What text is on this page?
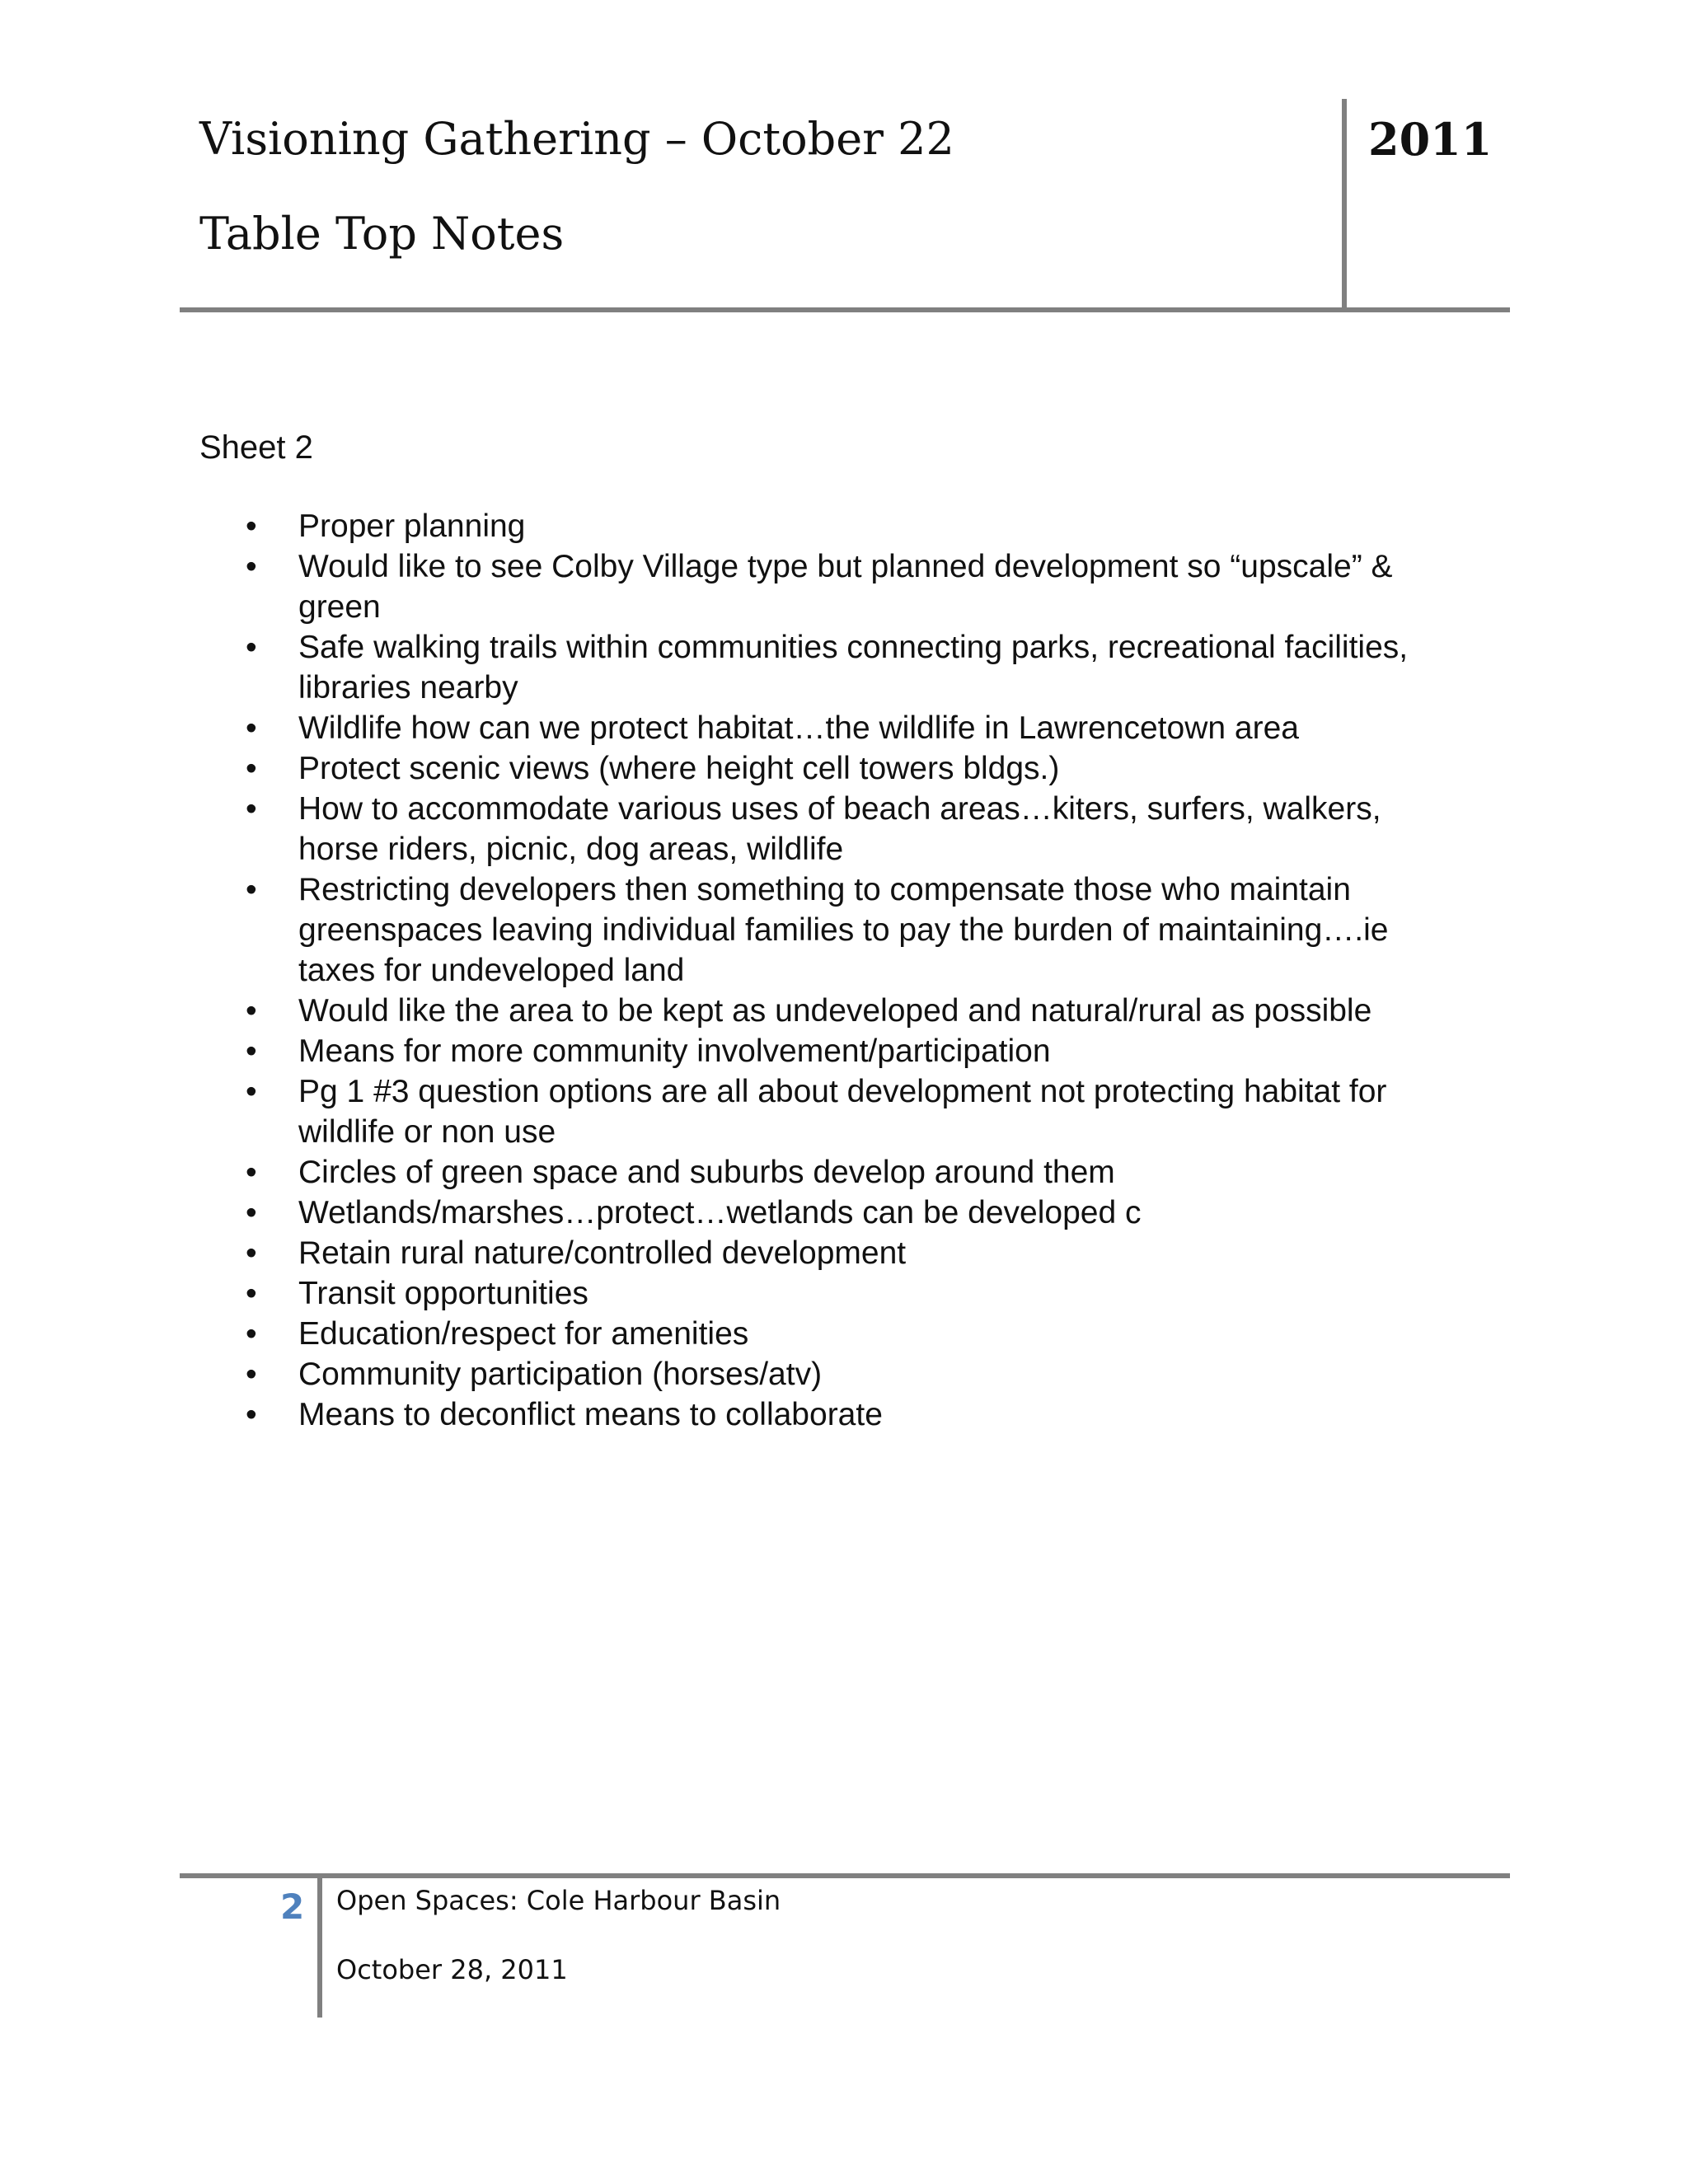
Visioning Gathering – October 22
Table Top Notes
2011
Sheet 2
• Proper planning
• Would like to see Colby Village type but planned development so “upscale” & green
• Safe walking trails within communities connecting parks, recreational facilities, libraries nearby
• Wildlife how can we protect habitat…the wildlife in Lawrencetown area
• Protect scenic views (where height cell towers bldgs.)
• How to accommodate various uses of beach areas…kiters, surfers, walkers, horse riders, picnic, dog areas, wildlife
• Restricting developers then something to compensate those who maintain greenspaces leaving individual families to pay the burden of maintaining….ie taxes for undeveloped land
• Would like the area to be kept as undeveloped and natural/rural as possible
• Means for more community involvement/participation
• Pg 1 #3 question options are all about development not protecting habitat for wildlife or non use
• Circles of green space and suburbs develop around them
• Wetlands/marshes…protect…wetlands can be developed c
• Retain rural nature/controlled development
• Transit opportunities
• Education/respect for amenities
• Community participation (horses/atv)
• Means to deconflict means to collaborate
2 Open Spaces: Cole Harbour Basin
October 28, 2011
